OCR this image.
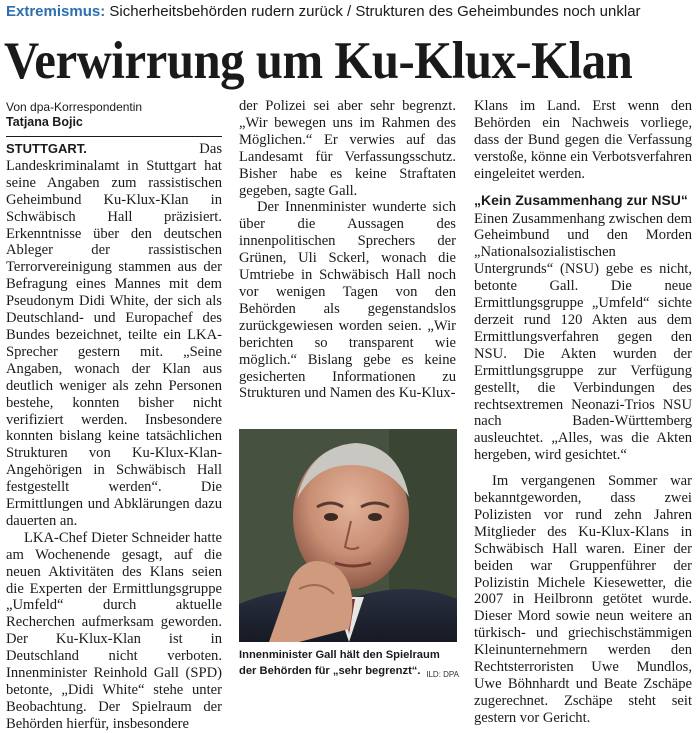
Extremismus: Sicherheitsbehörden rudern zurück / Strukturen des Geheimbundes noch unklar
Verwirrung um Ku-Klux-Klan
Von dpa-Korrespondentin
Tatjana Bojic

STUTTGART.	Das Landeskriminalamt in Stuttgart hat seine Angaben zum rassistischen Geheimbund Ku-Klux-Klan in Schwäbisch Hall präzisiert. Erkenntnisse über den deutschen Ableger der rassistischen Terrorvereinigung stammen aus der Befragung eines Mannes mit dem Pseudonym Didi White, der sich als Deutschland- und Europachef des Bundes bezeichnet, teilte ein LKA-Sprecher gestern mit. „Seine Angaben, wonach der Klan aus deutlich weniger als zehn Personen bestehe, konnten bisher nicht verifiziert werden. Insbesondere konnten bislang keine tatsächlichen Strukturen von Ku-Klux-Klan-Angehörigen in Schwäbisch Hall festgestellt werden“. Die Ermittlungen und Abklärungen dazu dauerten an.

LKA-Chef Dieter Schneider hatte am Wochenende gesagt, auf die neuen Aktivitäten des Klans seien die Experten der Ermittlungsgruppe „Umfeld“ durch aktuelle Recherchen aufmerksam geworden. Der Ku-Klux-Klan ist in Deutschland nicht verboten. Innenminister Reinhold Gall (SPD) betonte, „Didi White“ stehe unter Beobachtung. Der Spielraum der Behörden hierfür, insbesondere

der Polizei sei aber sehr begrenzt. „Wir bewegen uns im Rahmen des Möglichen.“ Er verwies auf das Landesamt für Verfassungsschutz. Bisher habe es keine Straftaten gegeben, sagte Gall.

Der Innenminister wunderte sich über die Aussagen des innenpolitischen Sprechers der Grünen, Uli Sckerl, wonach die Umtriebe in Schwäbisch Hall noch vor wenigen Tagen von den Behörden als gegenstandslos zurückgewiesen worden seien. „Wir berichten so transparent wie möglich.“ Bislang gebe es keine gesicherten Informationen zu Strukturen und Namen des Ku-Klux-

Innenminister Gall hält den Spielraum der Behörden für „sehr begrenzt“. ILD: DPA

Klans im Land. Erst wenn den Behörden ein Nachweis vorliege, dass der Bund gegen die Verfassung verstoße, könne ein Verbotsverfahren eingeleitet werden.

„Kein Zusammenhang zur NSU“

Einen Zusammenhang zwischen dem Geheimbund und den Morden „Nationalsozialistischen Untergrunds“ (NSU) gebe es nicht, betonte Gall. Die neue Ermittlungsgruppe „Umfeld“ sichte derzeit rund 120 Akten aus dem Ermittlungsverfahren gegen den NSU. Die Akten wurden der Ermittlungsgruppe zur Verfügung gestellt, die Verbindungen des rechtsextremen Neonazi-Trios NSU nach Baden-Württemberg ausleuchtet. „Alles, was die Akten hergeben, wird gesichtet.“

Im vergangenen Sommer war bekanntgeworden, dass zwei Polizisten vor rund zehn Jahren Mitglieder des Ku-Klux-Klans in Schwäbisch Hall waren. Einer der beiden war Gruppenführer der Polizistin Michele Kiesewetter, die 2007 in Heilbronn getötet wurde. Dieser Mord sowie neun weitere an türkisch- und griechischstämmigen Kleinunternehmern werden den Rechtsterroristen Uwe Mundlos, Uwe Böhnhardt und Beate Zschäpe zugerechnet. Zschäpe steht seit gestern vor Gericht.
